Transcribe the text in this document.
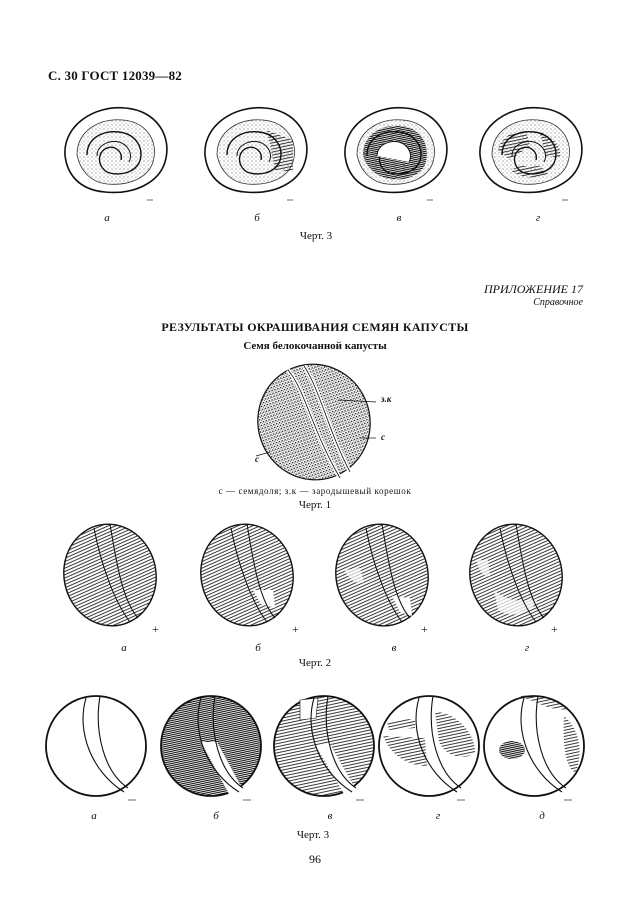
С. 30 ГОСТ 12039—82
а	б	в	г
Черт. 3
ПРИЛОЖЕНИЕ 17
Справочное
РЕЗУЛЬТАТЫ ОКРАШИВАНИЯ СЕМЯН КАПУСТЫ
Семя белокочанной капусты
з.к
с
с
с — семядоля; з.к — зародышевый корешок
Черт. 1
+	+	+	+
а	б	в	г
Черт. 2
а	б	в	г	д
Черт. 3
96
